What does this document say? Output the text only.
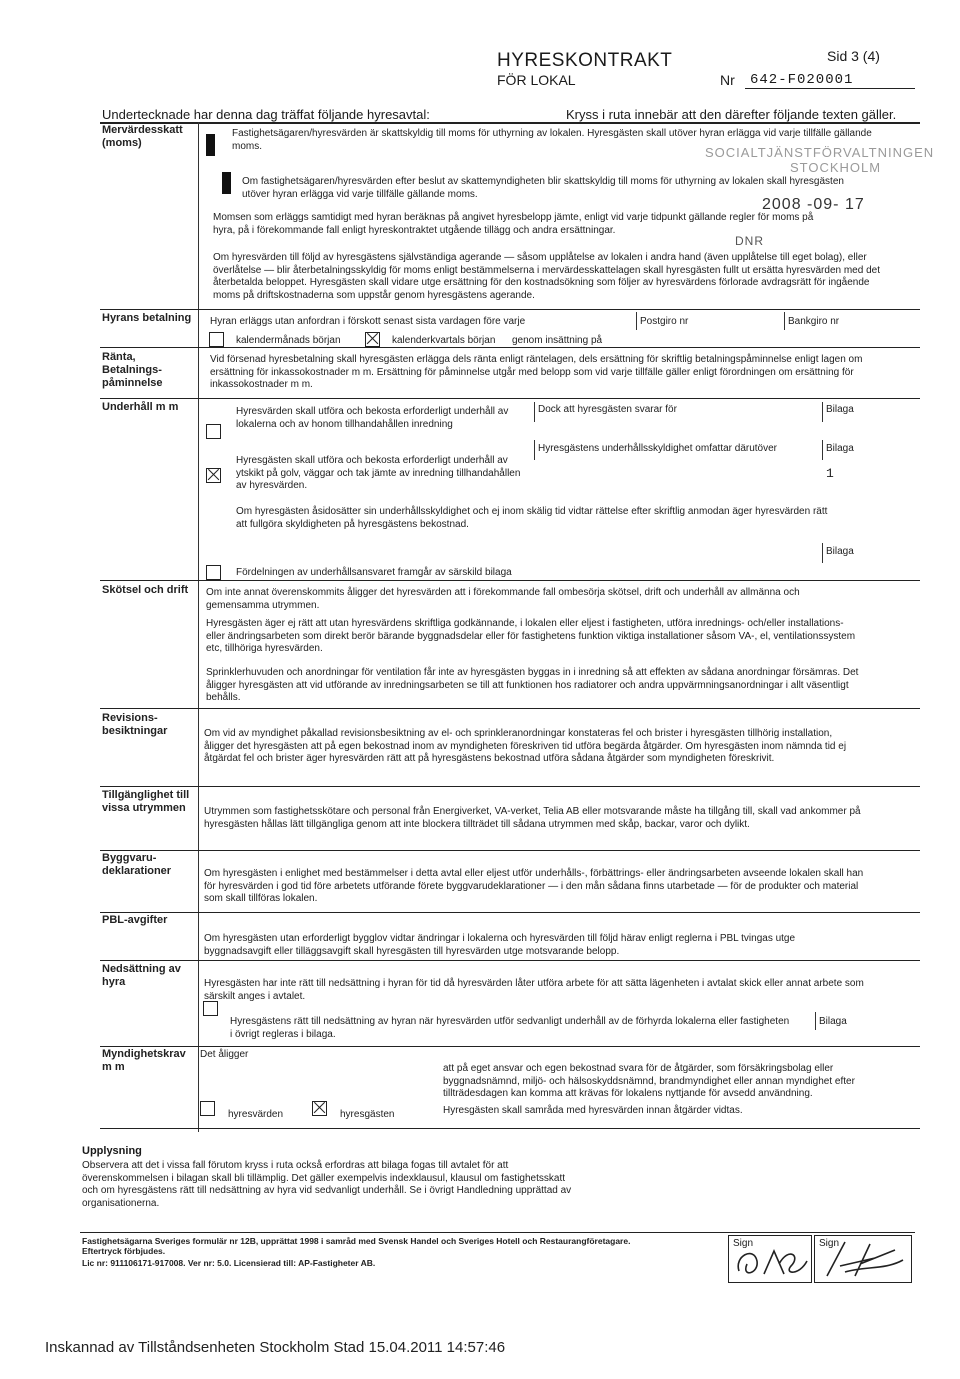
HYRESKONTRAKT
FÖR LOKAL
Sid 3 (4)
Nr 642-F020001
Undertecknade har denna dag träffat följande hyresavtal:	Kryss i ruta innebär att den därefter följande texten gäller.
Mervärdesskatt (moms)
Fastighetsägaren/hyresvärden är skattskyldig till moms för uthyrning av lokalen. Hyresgästen skall utöver hyran erlägga vid varje tillfälle gällande moms.
Om fastighetsägaren/hyresvärden efter beslut av skattemyndigheten blir skattskyldig till moms för uthyrning av lokalen skall hyresgästen utöver hyran erlägga vid varje tillfälle gällande moms.
Momsen som erläggs samtidigt med hyran beräknas på angivet hyresbelopp jämte, enligt vid varje tidpunkt gällande regler för moms på hyra, på i förekommande fall enligt hyreskontraktet utgående tillägg och andra ersättningar.
Om hyresvärden till följd av hyresgästens självständiga agerande — såsom upplåtelse av lokalen i andra hand (även upplåtelse till eget bolag), eller överlåtelse — blir återbetalningsskyldig för moms enligt bestämmelserna i mervärdesskattelagen skall hyresgästen fullt ut ersätta hyresvärden med det återbetalda beloppet. Hyresgästen skall vidare utge ersättning för den kostnadsökning som följer av hyresvärdens förlorade avdragsrätt för ingående moms på driftskostnaderna som uppstår genom hyresgästens agerande.
SOCIALTJÄNSTFÖRVALTNINGEN
STOCKHOLM
2008 -09- 17
DNR
Hyrans betalning Hyran erläggs utan anfordran i förskott senast sista vardagen före varje	Postgiro nr	Bankgiro nr
kalendermånads början	kalenderkvartals början genom insättning på
Ränta, Betalnings- påminnelse
Vid försenad hyresbetalning skall hyresgästen erlägga dels ränta enligt räntelagen, dels ersättning för skriftlig betalningspåminnelse enligt lagen om ersättning för inkassokostnader m m. Ersättning för påminnelse utgår med belopp som vid varje tillfälle gäller enligt förordningen om ersättning för inkassokostnader m m.
Underhåll m m	Hyresvärden skall utföra och bekosta erforderligt underhåll av lokalerna och av honom tillhandahållen inredning
Dock att hyresgästen svarar för	Bilaga
Hyresgästens underhållsskyldighet omfattar därutöver	Bilaga
Hyresgästen skall utföra och bekosta erforderligt underhåll av ytskikt på golv, väggar och tak jämte av inredning tillhandahållen av hyresvärden.
1
Om hyresgästen åsidosätter sin underhållsskyldighet och ej inom skälig tid vidtar rättelse efter skriftlig anmodan äger hyresvärden rätt att fullgöra skyldigheten på hyresgästens bekostnad.
Bilaga
Fördelningen av underhållsansvaret framgår av särskild bilaga
Skötsel och drift	Om inte annat överenskommits åligger det hyresvärden att i förekommande fall ombesörja skötsel, drift och underhåll av allmänna och gemensamma utrymmen.
Hyresgästen äger ej rätt att utan hyresvärdens skriftliga godkännande, i lokalen eller eljest i fastigheten, utföra inrednings- och/eller installations- eller ändringsarbeten som direkt berör bärande byggnadsdelar eller för fastighetens funktion viktiga installationer såsom VA-, el, ventilationssystem etc, tillhöriga hyresvärden.
Sprinklerhuvuden och anordningar för ventilation får inte av hyresgästen byggas in i inredning så att effekten av sådana anordningar försämras. Det åligger hyresgästen att vid utförande av inredningsarbeten se till att funktionen hos radiatorer och andra uppvärmningsanordningar i allt väsentligt behålls.
Revisions- besiktningar	Om vid av myndighet påkallad revisionsbesiktning av el- och sprinkleranordningar konstateras fel och brister i hyresgästen tillhörig installation, åligger det hyresgästen att på egen bekostnad inom av myndigheten föreskriven tid utföra begärda åtgärder. Om hyresgästen inom nämnda tid ej åtgärdat fel och brister äger hyresvärden rätt att på hyresgästens bekostnad utföra sådana åtgärder som myndigheten föreskrivit.
Tillgänglighet till vissa utrymmen	Utrymmen som fastighetsskötare och personal från Energiverket, VA-verket, Telia AB eller motsvarande måste ha tillgång till, skall vad ankommer på hyresgästen hållas lätt tillgängliga genom att inte blockera tillträdet till sådana utrymmen med skåp, backar, varor och dylikt.
Byggvaru- deklarationer	Om hyresgästen i enlighet med bestämmelser i detta avtal eller eljest utför underhålls-, förbättrings- eller ändringsarbeten avseende lokalen skall han för hyresvärden i god tid före arbetets utförande förete byggvarudeklarationer — i den mån sådana finns utarbetade — för de produkter och material som skall tillföras lokalen.
PBL-avgifter
Om hyresgästen utan erforderligt bygglov vidtar ändringar i lokalerna och hyresvärden till följd härav enligt reglerna i PBL tvingas utge byggnadsavgift eller tilläggsavgift skall hyresgästen till hyresvärden utge motsvarande belopp.
Nedsättning av hyra	Hyresgästen har inte rätt till nedsättning i hyran för tid då hyresvärden låter utföra arbete för att sätta lägenheten i avtalat skick eller annat arbete som särskilt anges i avtalet.
Hyresgästens rätt till nedsättning av hyran när hyresvärden utför sedvanligt underhåll av de förhyrda lokalerna eller fastigheten i övrigt regleras i bilaga.
Bilaga
Myndighetskrav m m
Det åligger
att på eget ansvar och egen bekostnad svara för de åtgärder, som försäkringsbolag eller byggnadsnämnd, miljö- och hälsoskyddsnämnd, brandmyndighet eller annan myndighet efter tillträdesdagen kan komma att krävas för lokalens nyttjande för avsedd användning.
Hyresgästen skall samråda med hyresvärden innan åtgärder vidtas.
hyresvärden	hyresgästen
Upplysning
Observera att det i vissa fall förutom kryss i ruta också erfordras att bilaga fogas till avtalet för att överenskommelsen i bilagan skall bli tillämplig. Det gäller exempelvis indexklausul, klausul om fastighetsskatt och om hyresgästens rätt till nedsättning av hyra vid sedvanligt underhåll. Se i övrigt Handledning upprättad av organisationerna.
Fastighetsägarna Sveriges formulär nr 12B, upprättat 1998 i samråd med Svensk Handel och Sveriges Hotell och Restaurangföretagare.
Eftertryck förbjudes.
Lic nr: 911106171-917008. Ver nr: 5.0. Licensierad till: AP-Fastigheter AB.
Sign	Sign
Inskannad av Tillståndsenheten Stockholm Stad 15.04.2011 14:57:46
